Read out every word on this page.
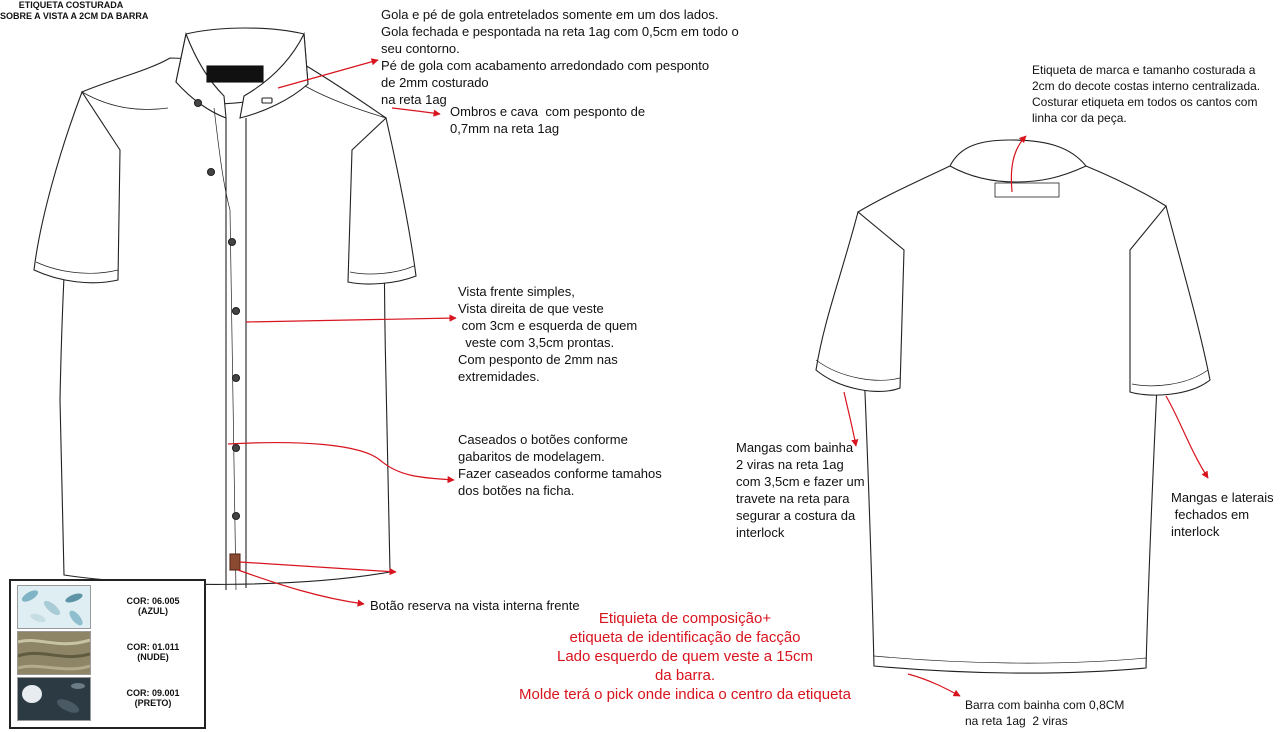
Gola e pé de gola entretelados somente em um dos lados.
Gola fechada e pespontada na reta 1ag com 0,5cm em todo o
seu contorno.
Pé de gola com acabamento arredondado com pesponto
de 2mm costurado
na reta 1ag
Ombros e cava  com pesponto de
0,7mm na reta 1ag
Vista frente simples,
Vista direita de que veste
com 3cm e esquerda de quem
veste com 3,5cm prontas.
Com pesponto de 2mm nas
extremidades.
Caseados o botões conforme
gabaritos de modelagem.
Fazer caseados conforme tamahos
dos botões na ficha.
ETIQUETA COSTURADA
SOBRE A VISTA A 2CM DA BARRA
Botão reserva na vista interna frente
Etiqueta de marca e tamanho costurada a
2cm do decote costas interno centralizada.
Costurar etiqueta em todos os cantos com
linha cor da peça.
Mangas com bainha
2 viras na reta 1ag
com 3,5cm e fazer um
travete na reta para
segurar a costura da
interlock
Mangas e laterais
fechados em
interlock
Barra com bainha com 0,8CM
na reta 1ag  2 viras
Etiquieta de composição+
etiqueta de identificação de facção
Lado esquerdo de quem veste a 15cm
da barra.
Molde terá o pick onde indica o centro da etiqueta
COR: 06.005
(AZUL)
COR: 01.011
(NUDE)
COR: 09.001
(PRETO)
